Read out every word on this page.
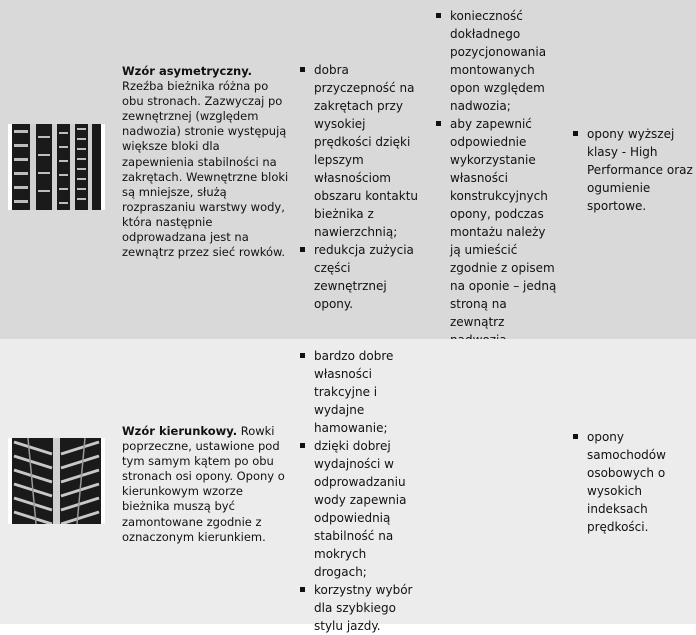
Wzór asymetryczny. Rzeźba bieżnika różna po obu stronach. Zazwyczaj po zewnętrznej (względem nadwozia) stronie występują większe bloki dla zapewnienia stabilności na zakrętach. Wewnętrzne bloki są mniejsze, służą rozpraszaniu warstwy wody, która następnie odprowadzana jest na zewnątrz przez sieć rowków.
dobra przyczepność na zakrętach przy wysokiej prędkości dzięki lepszym własnościom obszaru kontaktu bieżnika z nawierzchnią;
redukcja zużycia części zewnętrznej opony.
konieczność dokładnego pozycjonowania montowanych opon względem nadwozia;
aby zapewnić odpowiednie wykorzystanie własności konstrukcyjnych opony, podczas montażu należy ją umieścić zgodnie z opisem na oponie – jedną stroną na zewnątrz
opony wyższej klasy - High Performance oraz ogumienie sportowe.
Wzór kierunkowy. Rowki poprzeczne, ustawione pod tym samym kątem po obu stronach osi opony. Opony o kierunkowym wzorze bieżnika muszą być zamontowane zgodnie z oznaczonym kierunkiem.
bardzo dobre własności trakcyjne i wydajne hamowanie;
dzięki dobrej wydajności w odprowadzaniu wody zapewnia odpowiednią stabilność na mokrych drogach;
korzystny wybór dla szybkiego stylu jazdy.
opony samochodów osobowych o wysokich indeksach prędkości.
